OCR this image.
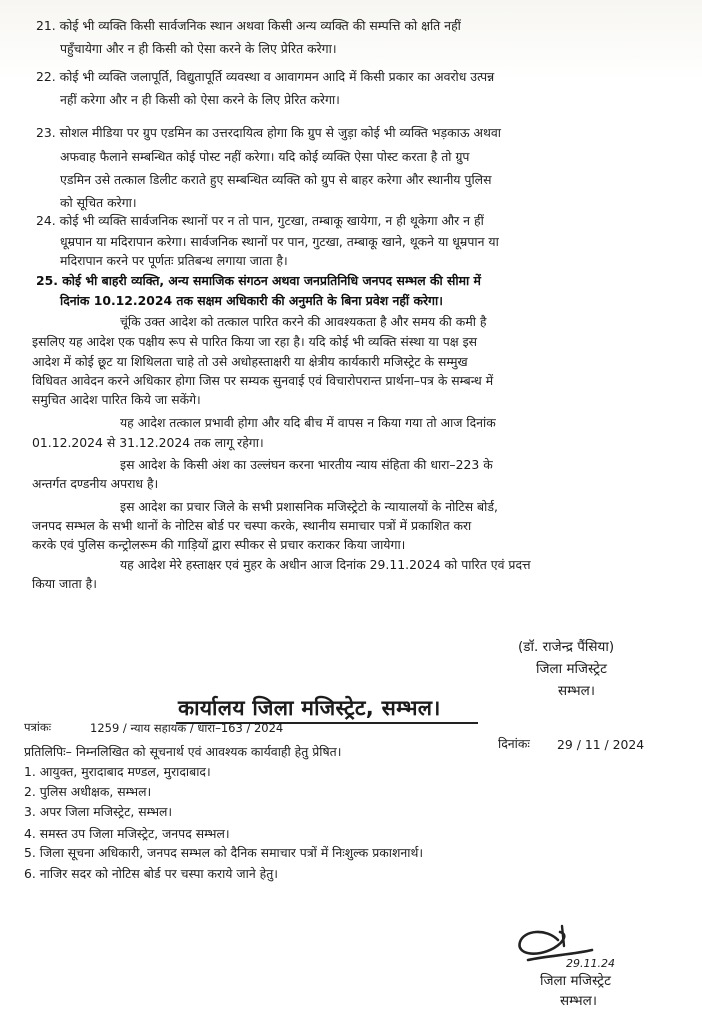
21. कोई भी व्यक्ति किसी सार्वजनिक स्थान अथवा किसी अन्य व्यक्ति की सम्पत्ति को क्षति नहीं
पहुँचायेगा और न ही किसी को ऐसा करने के लिए प्रेरित करेगा।
22. कोई भी व्यक्ति जलापूर्ति, विद्युतापूर्ति व्यवस्था व आवागमन आदि में किसी प्रकार का अवरोध उत्पन्न
नहीं करेगा और न ही किसी को ऐसा करने के लिए प्रेरित करेगा।
23. सोशल मीडिया पर ग्रुप एडमिन का उत्तरदायित्व होगा कि ग्रुप से जुड़ा कोई भी व्यक्ति भड़काऊ अथवा
अफवाह फैलाने सम्बन्धित कोई पोस्ट नहीं करेगा। यदि कोई व्यक्ति ऐसा पोस्ट करता है तो ग्रुप
एडमिन उसे तत्काल डिलीट कराते हुए सम्बन्धित व्यक्ति को ग्रुप से बाहर करेगा और स्थानीय पुलिस
को सूचित करेगा।
24. कोई भी व्यक्ति सार्वजनिक स्थानों पर न तो पान, गुटखा, तम्बाकू खायेगा, न ही थूकेगा और न हीं
धूम्रपान या मदिरापान करेगा। सार्वजनिक स्थानों पर पान, गुटखा, तम्बाकू खाने, थूकने या धूम्रपान या
मदिरापान करने पर पूर्णतः प्रतिबन्ध लगाया जाता है।
25. कोई भी बाहरी व्यक्ति, अन्य समाजिक संगठन अथवा जनप्रतिनिधि जनपद सम्भल की सीमा में
दिनांक 10.12.2024 तक सक्षम अधिकारी की अनुमति के बिना प्रवेश नहीं करेगा।
चूंकि उक्त आदेश को तत्काल पारित करने की आवश्यकता है और समय की कमी है
इसलिए यह आदेश एक पक्षीय रूप से पारित किया जा रहा है। यदि कोई भी व्यक्ति संस्था या पक्ष इस
आदेश में कोई छूट या शिथिलता चाहे तो उसे अधोहस्ताक्षरी या क्षेत्रीय कार्यकारी मजिस्ट्रेट के सम्मुख
विधिवत आवेदन करने अधिकार होगा जिस पर सम्यक सुनवाई एवं विचारोपरान्त प्रार्थना–पत्र के सम्बन्ध में
समुचित आदेश पारित किये जा सकेंगे।
यह आदेश तत्काल प्रभावी होगा और यदि बीच में वापस न किया गया तो आज दिनांक
01.12.2024 से 31.12.2024 तक लागू रहेगा।
इस आदेश के किसी अंश का उल्लंघन करना भारतीय न्याय संहिता की धारा–223 के
अन्तर्गत दण्डनीय अपराध है।
इस आदेश का प्रचार जिले के सभी प्रशासनिक मजिस्ट्रेटो के न्यायालयों के नोटिस बोर्ड,
जनपद सम्भल के सभी थानों के नोटिस बोर्ड पर चस्पा करके, स्थानीय समाचार पत्रों में प्रकाशित करा
करके एवं पुलिस कन्ट्रोलरूम की गाड़ियों द्वारा स्पीकर से प्रचार कराकर किया जायेगा।
यह आदेश मेरे हस्ताक्षर एवं मुहर के अधीन आज दिनांक 29.11.2024 को पारित एवं प्रदत्त
किया जाता है।
(डॉ. राजेन्द्र पैंसिया)
जिला मजिस्ट्रेट
सम्भल।
कार्यालय जिला मजिस्ट्रेट, सम्भल।
पत्रांकः	1259 / न्याय सहायक / धारा–163 / 2024
दिनांकः 29 / 11 / 2024
प्रतिलिपिः– निम्नलिखित को सूचनार्थ एवं आवश्यक कार्यवाही हेतु प्रेषित।
1. आयुक्त, मुरादाबाद मण्डल, मुरादाबाद।
2. पुलिस अधीक्षक, सम्भल।
3. अपर जिला मजिस्ट्रेट, सम्भल।
4. समस्त उप जिला मजिस्ट्रेट, जनपद सम्भल।
5. जिला सूचना अधिकारी, जनपद सम्भल को दैनिक समाचार पत्रों में निःशुल्क प्रकाशनार्थ।
6. नाजिर सदर को नोटिस बोर्ड पर चस्पा कराये जाने हेतु।
29.11.24
जिला मजिस्ट्रेट
सम्भल।
